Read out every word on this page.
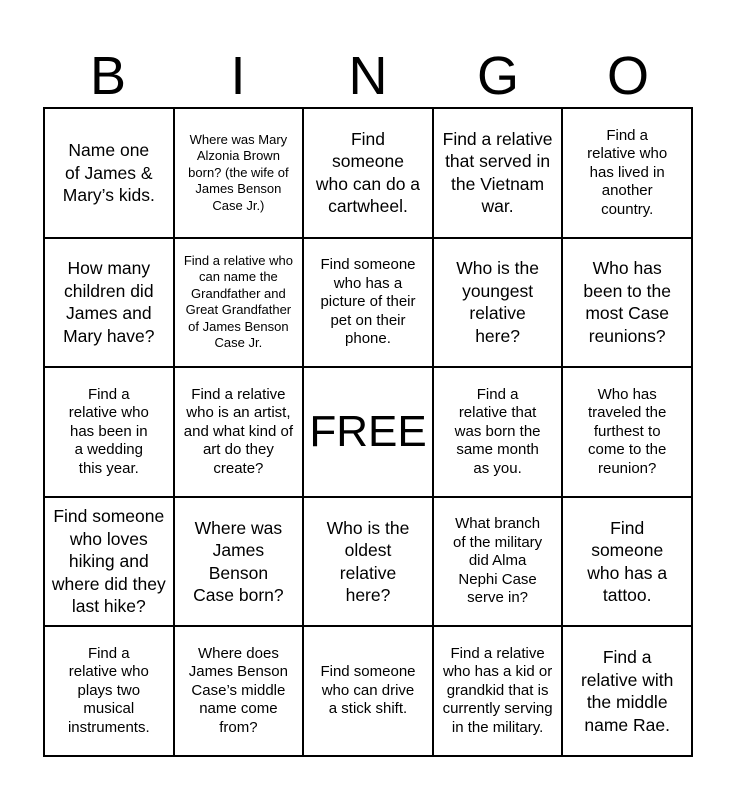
B	I	N	G	O
Name one of James & Mary’s kids.
Where was Mary Alzonia Brown born? (the wife of James Benson Case Jr.)
Find someone who can do a cartwheel.
Find a relative that served in the Vietnam war.
Find a relative who has lived in another country.
How many children did James and Mary have?
Find a relative who can name the Grandfather and Great Grandfather of James Benson Case Jr.
Find someone who has a picture of their pet on their phone.
Who is the youngest relative here?
Who has been to the most Case reunions?
Find a relative who has been in a wedding this year.
Find a relative who is an artist, and what kind of art do they create?
FREE
Find a relative that was born the same month as you.
Who has traveled the furthest to come to the reunion?
Find someone who loves hiking and where did they last hike?
Where was James Benson Case born?
Who is the oldest relative here?
What branch of the military did Alma Nephi Case serve in?
Find someone who has a tattoo.
Find a relative who plays two musical instruments.
Where does James Benson Case’s middle name come from?
Find someone who can drive a stick shift.
Find a relative who has a kid or grandkid that is currently serving in the military.
Find a relative with the middle name Rae.
